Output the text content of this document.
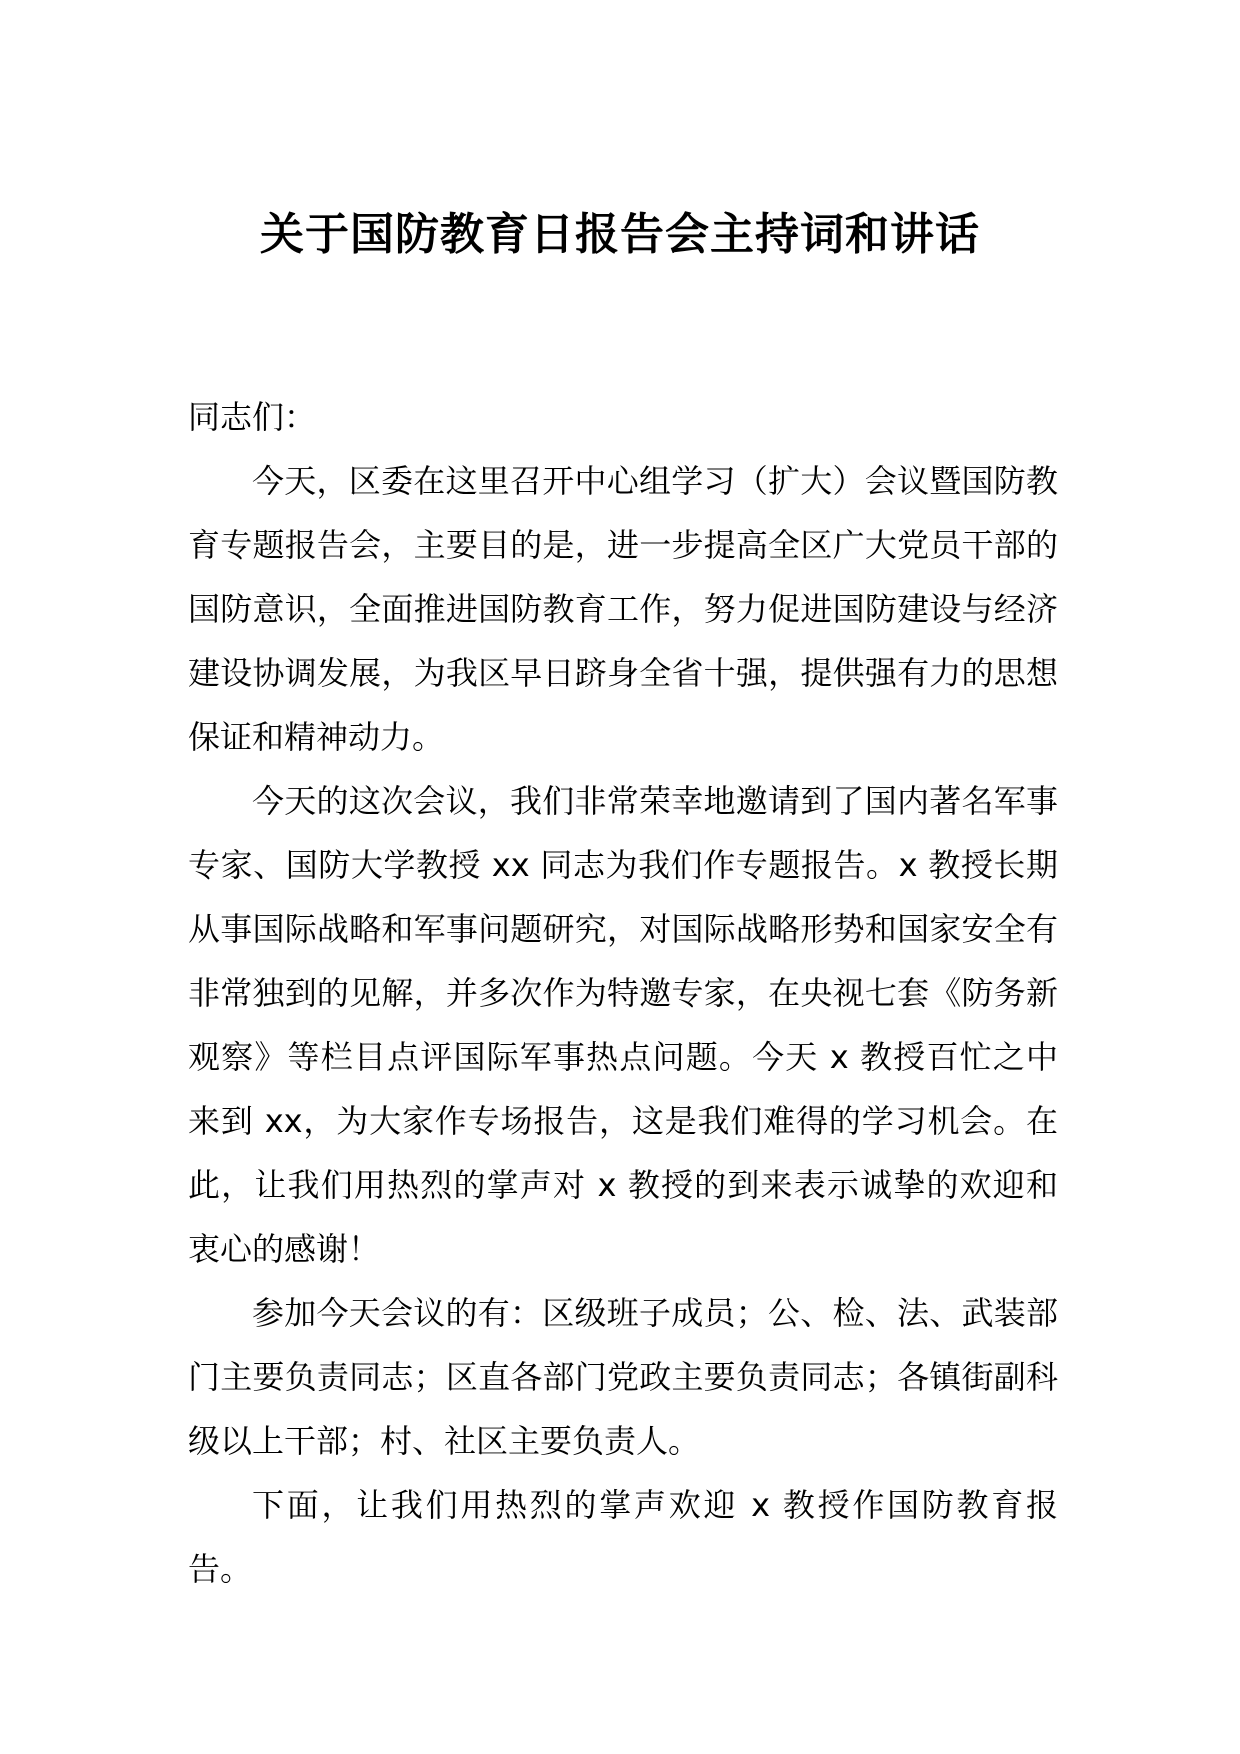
关于国防教育日报告会主持词和讲话

同志们：

今天，区委在这里召开中心组学习（扩大）会议暨国防教育专题报告会，主要目的是，进一步提高全区广大党员干部的国防意识，全面推进国防教育工作，努力促进国防建设与经济建设协调发展，为我区早日跻身全省十强，提供强有力的思想保证和精神动力。

今天的这次会议，我们非常荣幸地邀请到了国内著名军事专家、国防大学教授 xx 同志为我们作专题报告。x 教授长期从事国际战略和军事问题研究，对国际战略形势和国家安全有非常独到的见解，并多次作为特邀专家，在央视七套《防务新观察》等栏目点评国际军事热点问题。今天 x 教授百忙之中来到 xx，为大家作专场报告，这是我们难得的学习机会。在此，让我们用热烈的掌声对 x 教授的到来表示诚挚的欢迎和衷心的感谢！

参加今天会议的有：区级班子成员；公、检、法、武装部门主要负责同志；区直各部门党政主要负责同志；各镇街副科级以上干部；村、社区主要负责人。

下面，让我们用热烈的掌声欢迎 x 教授作国防教育报告。
